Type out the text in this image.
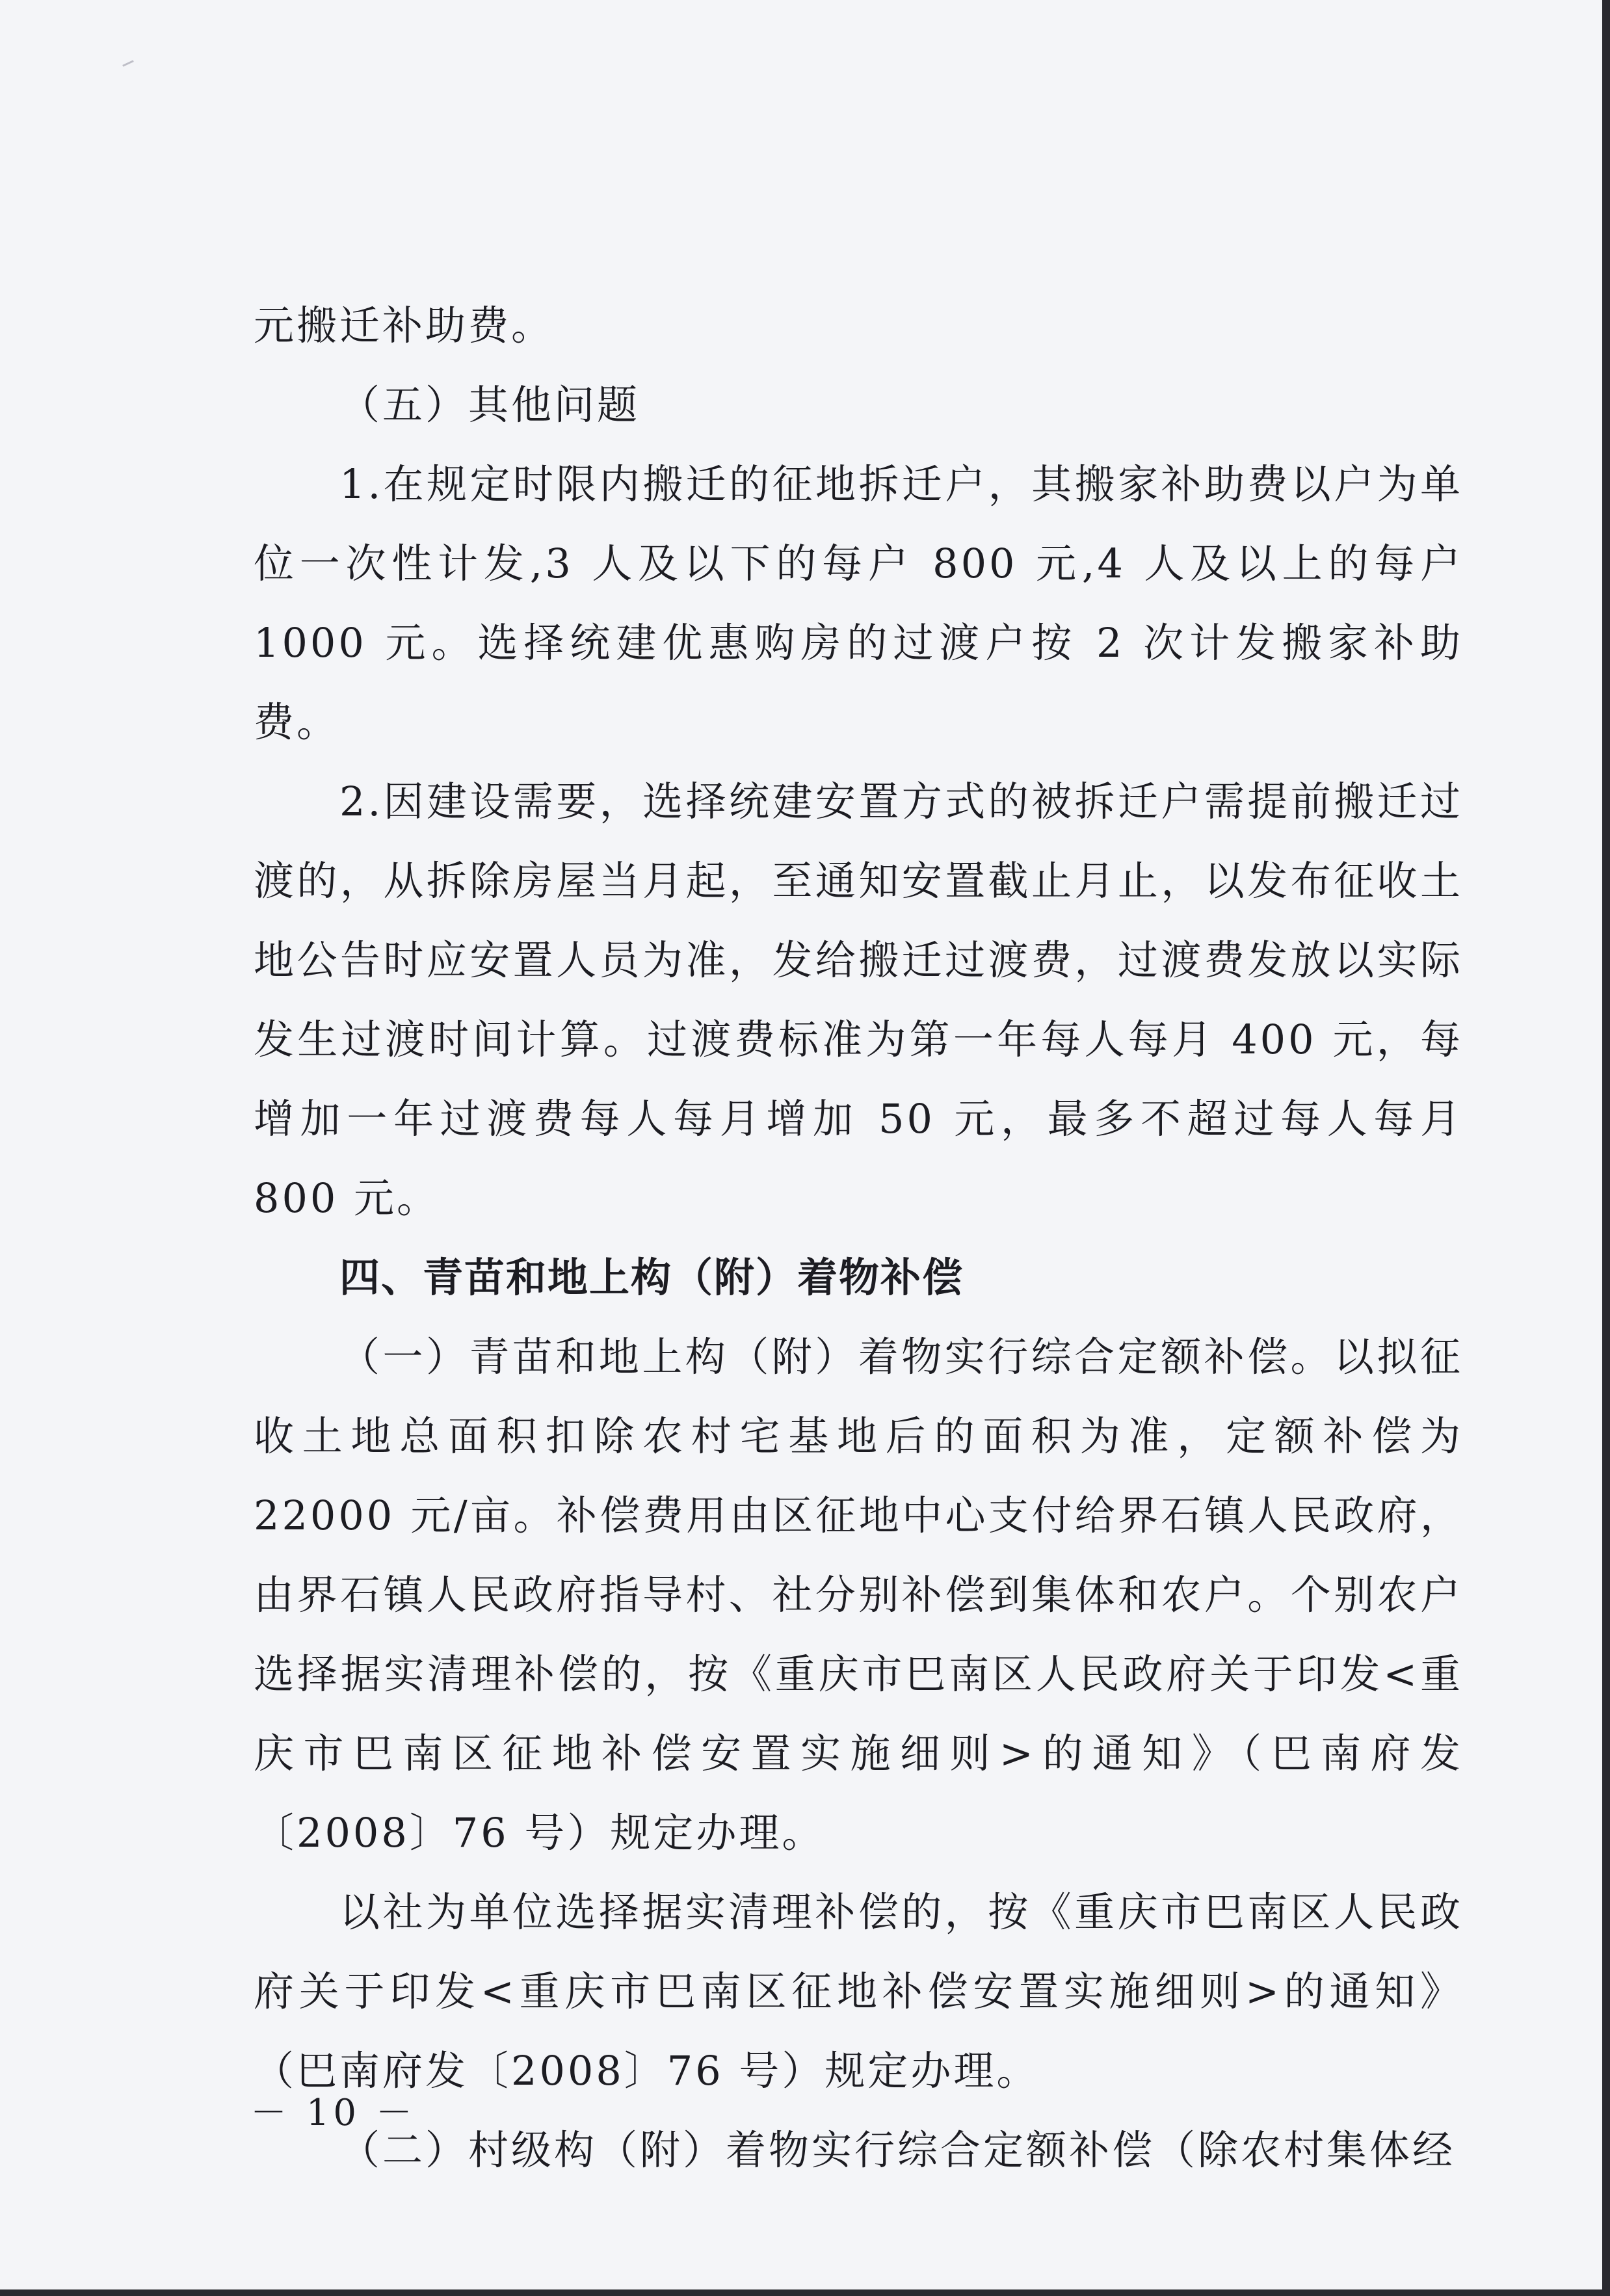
元搬迁补助费。

（五）其他问题

1.在规定时限内搬迁的征地拆迁户，其搬家补助费以户为单位一次性计发,3 人及以下的每户 800 元,4 人及以上的每户 1000 元。选择统建优惠购房的过渡户按 2 次计发搬家补助费。

2.因建设需要，选择统建安置方式的被拆迁户需提前搬迁过渡的，从拆除房屋当月起，至通知安置截止月止，以发布征收土地公告时应安置人员为准，发给搬迁过渡费，过渡费发放以实际发生过渡时间计算。过渡费标准为第一年每人每月 400 元，每增加一年过渡费每人每月增加 50 元，最多不超过每人每月 800 元。

四、青苗和地上构（附）着物补偿

（一）青苗和地上构（附）着物实行综合定额补偿。以拟征收土地总面积扣除农村宅基地后的面积为准，定额补偿为 22000 元/亩。补偿费用由区征地中心支付给界石镇人民政府，由界石镇人民政府指导村、社分别补偿到集体和农户。个别农户选择据实清理补偿的，按《重庆市巴南区人民政府关于印发<重庆市巴南区征地补偿安置实施细则>的通知》（巴南府发〔2008〕76 号）规定办理。

以社为单位选择据实清理补偿的，按《重庆市巴南区人民政府关于印发<重庆市巴南区征地补偿安置实施细则>的通知》（巴南府发〔2008〕76 号）规定办理。

（二）村级构（附）着物实行综合定额补偿（除农村集体经

－ 10 －
